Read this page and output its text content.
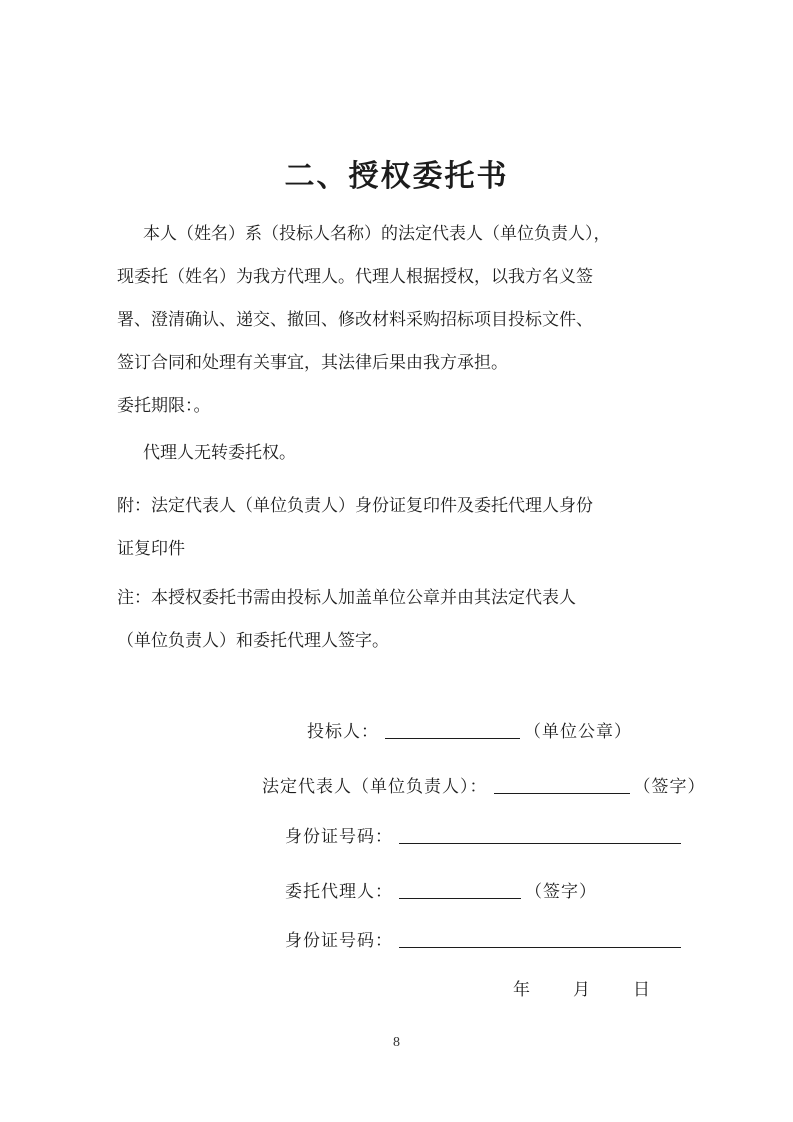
二、授权委托书
本人（姓名）系（投标人名称）的法定代表人（单位负责人），
现委托（姓名）为我方代理人。代理人根据授权，以我方名义签
署、澄清确认、递交、撤回、修改材料采购招标项目投标文件、
签订合同和处理有关事宜，其法律后果由我方承担。
委托期限：。
代理人无转委托权。
附：法定代表人（单位负责人）身份证复印件及委托代理人身份
证复印件
注：本授权委托书需由投标人加盖单位公章并由其法定代表人
（单位负责人）和委托代理人签字。
投标人：	（单位公章）
法定代表人（单位负责人）：	（签字）
身份证号码：
委托代理人：	（签字）
身份证号码：
年　　月　　日
8
